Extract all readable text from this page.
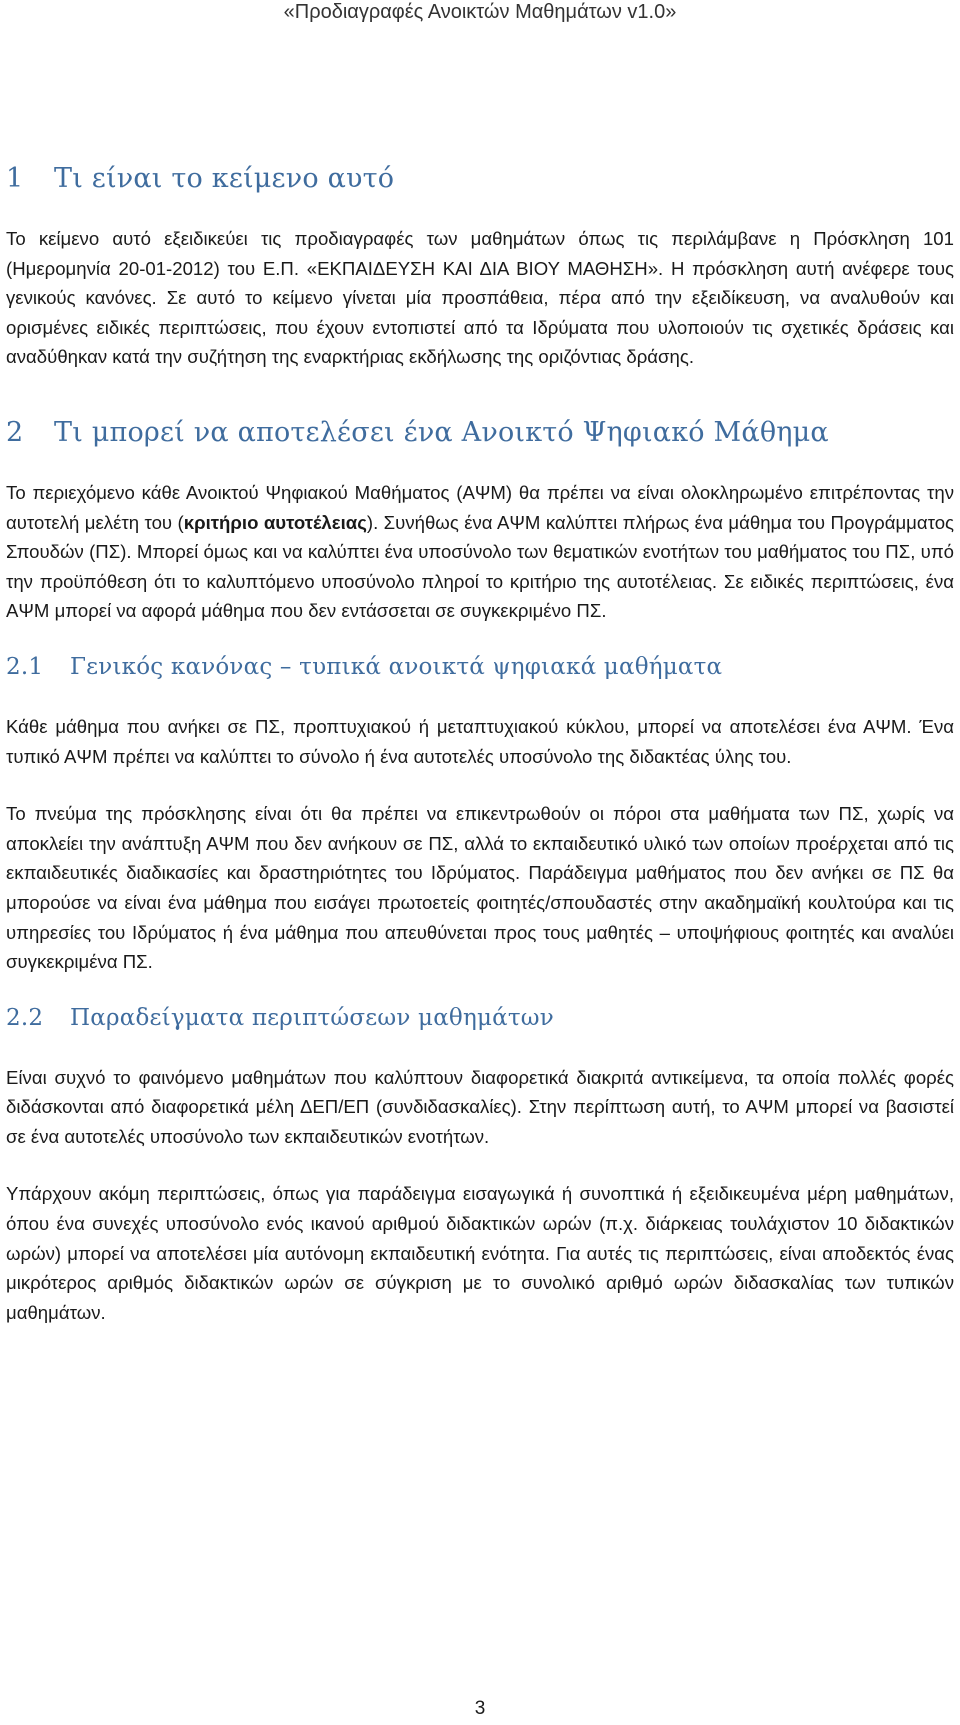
«Προδιαγραφές Ανοικτών Μαθημάτων v1.0»
1 Τι είναι το κείμενο αυτό

Το κείμενο αυτό εξειδικεύει τις προδιαγραφές των μαθημάτων όπως τις περιλάμβανε η Πρόσκληση 101 (Ημερομηνία 20-01-2012) του Ε.Π. «ΕΚΠΑΙΔΕΥΣΗ ΚΑΙ ΔΙΑ ΒΙΟΥ ΜΑΘΗΣΗ». Η πρόσκληση αυτή ανέφερε τους γενικούς κανόνες. Σε αυτό το κείμενο γίνεται μία προσπάθεια, πέρα από την εξειδίκευση, να αναλυθούν και ορισμένες ειδικές περιπτώσεις, που έχουν εντοπιστεί από τα Ιδρύματα που υλοποιούν τις σχετικές δράσεις και αναδύθηκαν κατά την συζήτηση της εναρκτήριας εκδήλωσης της οριζόντιας δράσης.

2 Τι μπορεί να αποτελέσει ένα Ανοικτό Ψηφιακό Μάθημα

Το περιεχόμενο κάθε Ανοικτού Ψηφιακού Μαθήματος (ΑΨΜ) θα πρέπει να είναι ολοκληρωμένο επιτρέποντας την αυτοτελή μελέτη του (κριτήριο αυτοτέλειας). Συνήθως ένα ΑΨΜ καλύπτει πλήρως ένα μάθημα του Προγράμματος Σπουδών (ΠΣ). Μπορεί όμως και να καλύπτει ένα υποσύνολο των θεματικών ενοτήτων του μαθήματος του ΠΣ, υπό την προϋπόθεση ότι το καλυπτόμενο υποσύνολο πληροί το κριτήριο της αυτοτέλειας. Σε ειδικές περιπτώσεις, ένα ΑΨΜ μπορεί να αφορά μάθημα που δεν εντάσσεται σε συγκεκριμένο ΠΣ.

2.1 Γενικός κανόνας – τυπικά ανοικτά ψηφιακά μαθήματα

Κάθε μάθημα που ανήκει σε ΠΣ, προπτυχιακού ή μεταπτυχιακού κύκλου, μπορεί να αποτελέσει ένα ΑΨΜ. Ένα τυπικό ΑΨΜ πρέπει να καλύπτει το σύνολο ή ένα αυτοτελές υποσύνολο της διδακτέας ύλης του.

Το πνεύμα της πρόσκλησης είναι ότι θα πρέπει να επικεντρωθούν οι πόροι στα μαθήματα των ΠΣ, χωρίς να αποκλείει την ανάπτυξη ΑΨΜ που δεν ανήκουν σε ΠΣ, αλλά το εκπαιδευτικό υλικό των οποίων προέρχεται από τις εκπαιδευτικές διαδικασίες και δραστηριότητες του Ιδρύματος. Παράδειγμα μαθήματος που δεν ανήκει σε ΠΣ θα μπορούσε να είναι ένα μάθημα που εισάγει πρωτοετείς φοιτητές/σπουδαστές στην ακαδημαϊκή κουλτούρα και τις υπηρεσίες του Ιδρύματος ή ένα μάθημα που απευθύνεται προς τους μαθητές – υποψήφιους φοιτητές και αναλύει συγκεκριμένα ΠΣ.

2.2 Παραδείγματα περιπτώσεων μαθημάτων

Είναι συχνό το φαινόμενο μαθημάτων που καλύπτουν διαφορετικά διακριτά αντικείμενα, τα οποία πολλές φορές διδάσκονται από διαφορετικά μέλη ΔΕΠ/ΕΠ (συνδιδασκαλίες). Στην περίπτωση αυτή, το ΑΨΜ μπορεί να βασιστεί σε ένα αυτοτελές υποσύνολο των εκπαιδευτικών ενοτήτων.

Υπάρχουν ακόμη περιπτώσεις, όπως για παράδειγμα εισαγωγικά ή συνοπτικά ή εξειδικευμένα μέρη μαθημάτων, όπου ένα συνεχές υποσύνολο ενός ικανού αριθμού διδακτικών ωρών (π.χ. διάρκειας τουλάχιστον 10 διδακτικών ωρών) μπορεί να αποτελέσει μία αυτόνομη εκπαιδευτική ενότητα. Για αυτές τις περιπτώσεις, είναι αποδεκτός ένας μικρότερος αριθμός διδακτικών ωρών σε σύγκριση με το συνολικό αριθμό ωρών διδασκαλίας των τυπικών μαθημάτων.

3
